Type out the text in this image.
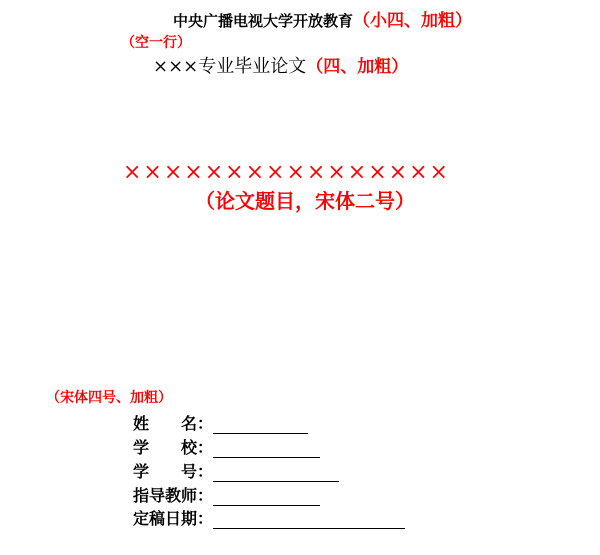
中央广播电视大学开放教育（小四、加粗）
（空一行）
×××专业毕业论文（四、加粗）
××××××××××××××××
（论文题目，宋体二号）
（宋体四号、加粗）
姓　　名：
学　　校：
学　　号：
指导教师：
定稿日期：
